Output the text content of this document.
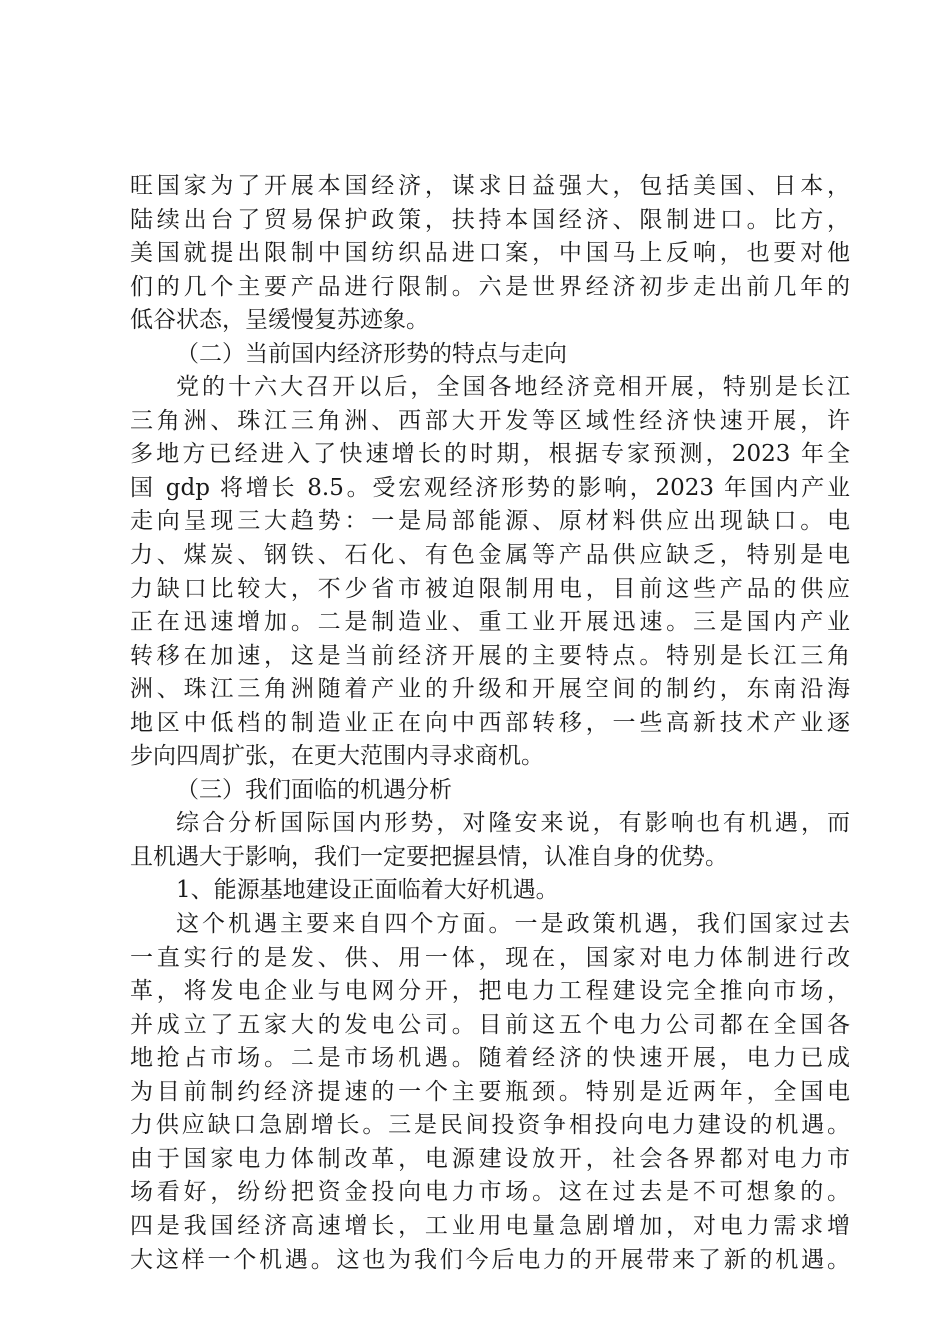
旺国家为了开展本国经济，谋求日益强大，包括美国、日本，
陆续出台了贸易保护政策，扶持本国经济、限制进口。比方，
美国就提出限制中国纺织品进口案，中国马上反响，也要对他
们的几个主要产品进行限制。六是世界经济初步走出前几年的
低谷状态，呈缓慢复苏迹象。
（二）当前国内经济形势的特点与走向
党的十六大召开以后，全国各地经济竞相开展，特别是长江
三角洲、珠江三角洲、西部大开发等区域性经济快速开展，许
多地方已经进入了快速增长的时期，根据专家预测，2023 年全
国 gdp 将增长 8.5。受宏观经济形势的影响，2023 年国内产业
走向呈现三大趋势：一是局部能源、原材料供应出现缺口。电
力、煤炭、钢铁、石化、有色金属等产品供应缺乏，特别是电
力缺口比较大，不少省市被迫限制用电，目前这些产品的供应
正在迅速增加。二是制造业、重工业开展迅速。三是国内产业
转移在加速，这是当前经济开展的主要特点。特别是长江三角
洲、珠江三角洲随着产业的升级和开展空间的制约，东南沿海
地区中低档的制造业正在向中西部转移，一些高新技术产业逐
步向四周扩张，在更大范围内寻求商机。
（三）我们面临的机遇分析
综合分析国际国内形势，对隆安来说，有影响也有机遇，而
且机遇大于影响，我们一定要把握县情，认准自身的优势。
1、能源基地建设正面临着大好机遇。
这个机遇主要来自四个方面。一是政策机遇，我们国家过去
一直实行的是发、供、用一体，现在，国家对电力体制进行改
革，将发电企业与电网分开，把电力工程建设完全推向市场，
并成立了五家大的发电公司。目前这五个电力公司都在全国各
地抢占市场。二是市场机遇。随着经济的快速开展，电力已成
为目前制约经济提速的一个主要瓶颈。特别是近两年，全国电
力供应缺口急剧增长。三是民间投资争相投向电力建设的机遇。
由于国家电力体制改革，电源建设放开，社会各界都对电力市
场看好，纷纷把资金投向电力市场。这在过去是不可想象的。
四是我国经济高速增长，工业用电量急剧增加，对电力需求增
大这样一个机遇。这也为我们今后电力的开展带来了新的机遇。
